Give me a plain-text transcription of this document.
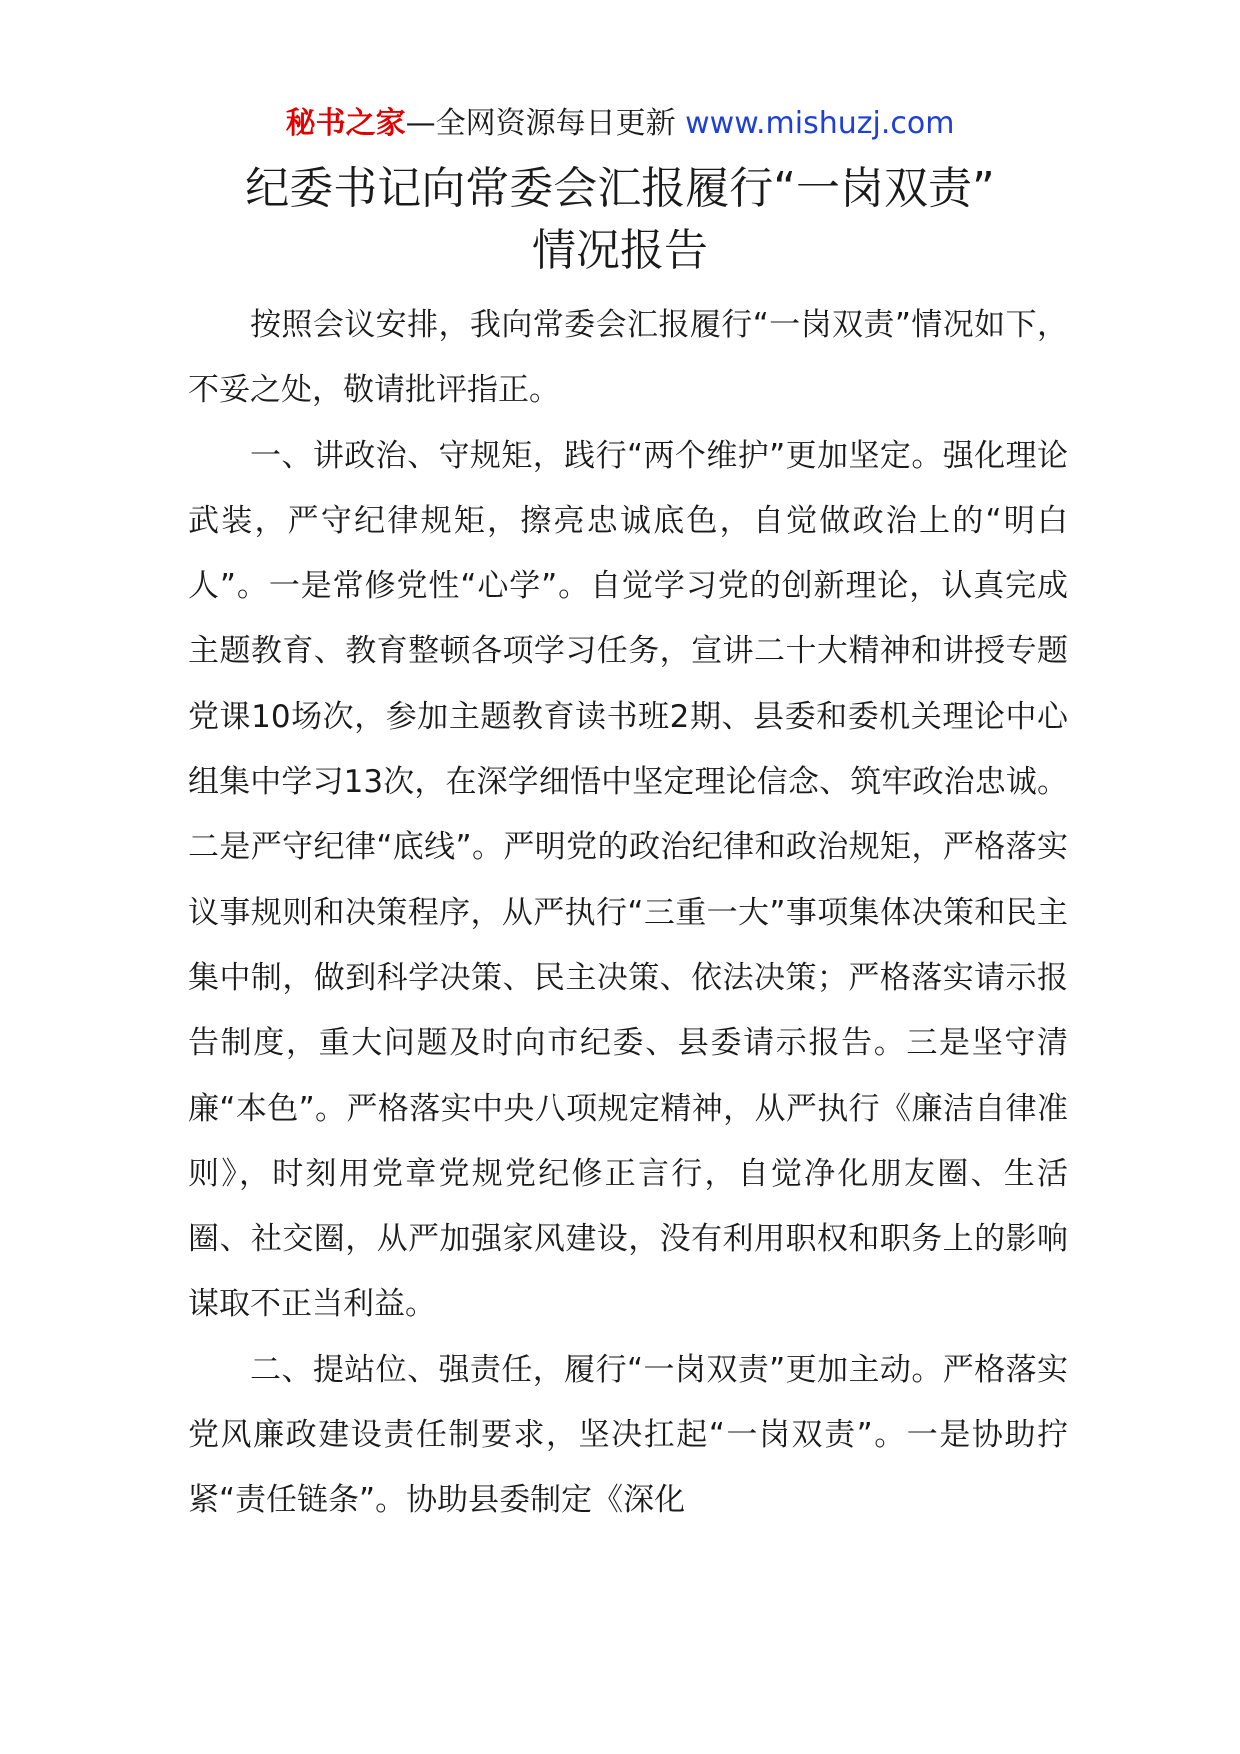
秘书之家—全网资源每日更新 www.mishuzj.com
纪委书记向常委会汇报履行“一岗双责”
情况报告

按照会议安排，我向常委会汇报履行“一岗双责”情况如下，不妥之处，敬请批评指正。

一、讲政治、守规矩，践行“两个维护”更加坚定。强化理论武装，严守纪律规矩，擦亮忠诚底色，自觉做政治上的“明白人”。一是常修党性“心学”。自觉学习党的创新理论，认真完成主题教育、教育整顿各项学习任务，宣讲二十大精神和讲授专题党课10场次，参加主题教育读书班2期、县委和委机关理论中心组集中学习13次，在深学细悟中坚定理论信念、筑牢政治忠诚。二是严守纪律“底线”。严明党的政治纪律和政治规矩，严格落实议事规则和决策程序，从严执行“三重一大”事项集体决策和民主集中制，做到科学决策、民主决策、依法决策；严格落实请示报告制度，重大问题及时向市纪委、县委请示报告。三是坚守清廉“本色”。严格落实中央八项规定精神，从严执行《廉洁自律准则》，时刻用党章党规党纪修正言行，自觉净化朋友圈、生活圈、社交圈，从严加强家风建设，没有利用职权和职务上的影响谋取不正当利益。

二、提站位、强责任，履行“一岗双责”更加主动。严格落实党风廉政建设责任制要求，坚决扛起“一岗双责”。一是协助拧紧“责任链条”。协助县委制定《深化
